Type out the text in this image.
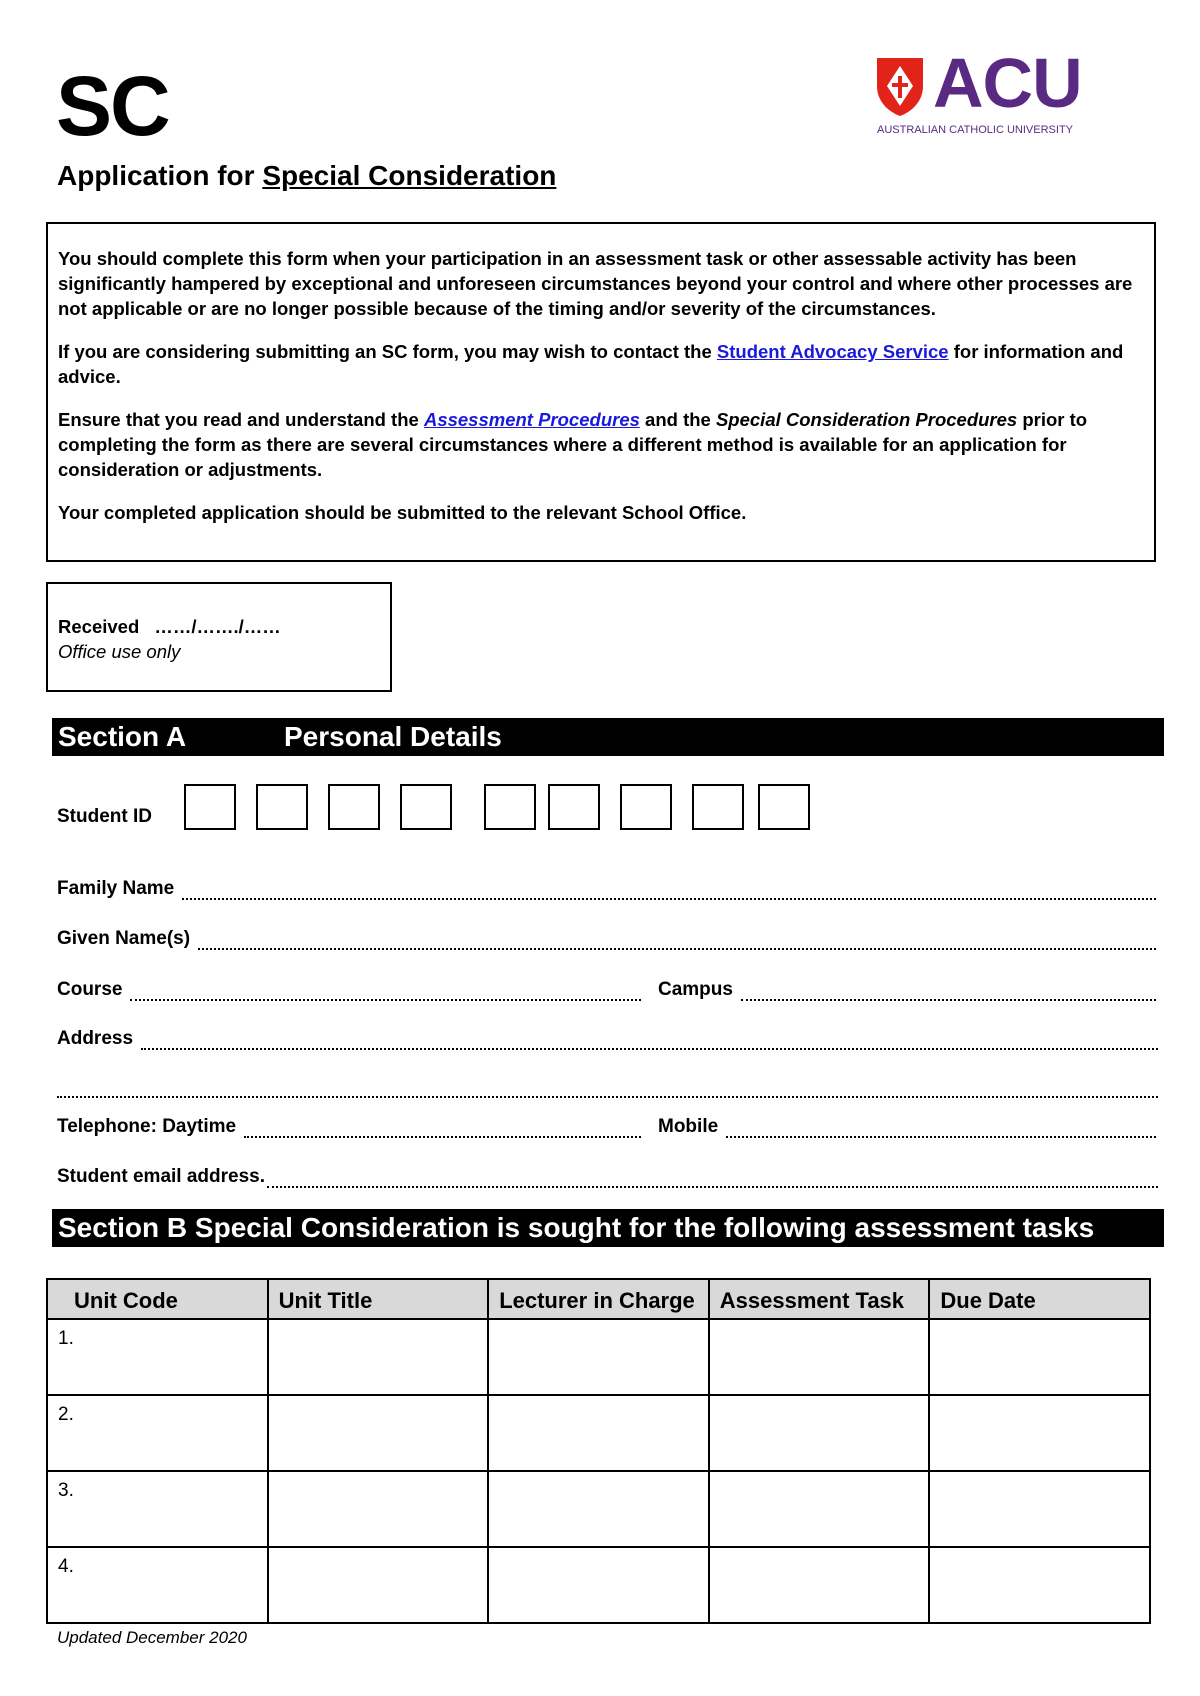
SC
Application for Special Consideration
ACU
AUSTRALIAN CATHOLIC UNIVERSITY

You should complete this form when your participation in an assessment task or other assessable activity has been significantly hampered by exceptional and unforeseen circumstances beyond your control and where other processes are not applicable or are no longer possible because of the timing and/or severity of the circumstances.

If you are considering submitting an SC form, you may wish to contact the Student Advocacy Service for information and advice.

Ensure that you read and understand the Assessment Procedures and the Special Consideration Procedures prior to completing the form as there are several circumstances where a different method is available for an application for consideration or adjustments.

Your completed application should be submitted to the relevant School Office.

Received ……/……./……
Office use only
Section A	Personal Details
Student ID
Family Name
Given Name(s)
Course	Campus
Address
Telephone: Daytime	Mobile
Student email address.
Section B Special Consideration is sought for the following assessment tasks
Unit Code	Unit Title	Lecturer in Charge	Assessment Task	Due Date
1.				
2.				
3.				
4.				
Updated December 2020
